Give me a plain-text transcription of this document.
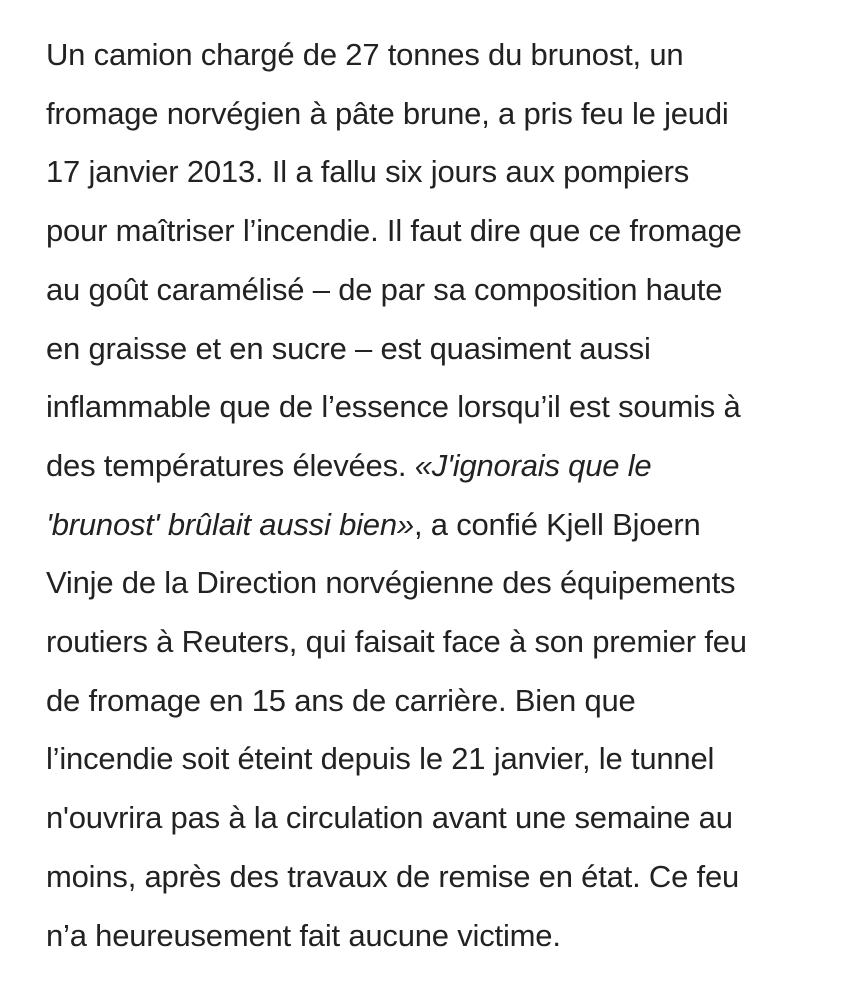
Un camion chargé de 27 tonnes du brunost, un
fromage norvégien à pâte brune, a pris feu le jeudi
17 janvier 2013. Il a fallu six jours aux pompiers
pour maîtriser l’incendie. Il faut dire que ce fromage
au goût caramélisé – de par sa composition haute
en graisse et en sucre – est quasiment aussi
inflammable que de l’essence lorsqu’il est soumis à
des températures élevées. «J'ignorais que le
'brunost' brûlait aussi bien», a confié Kjell Bjoern
Vinje de la Direction norvégienne des équipements
routiers à Reuters, qui faisait face à son premier feu
de fromage en 15 ans de carrière. Bien que
l’incendie soit éteint depuis le 21 janvier, le tunnel
n'ouvrira pas à la circulation avant une semaine au
moins, après des travaux de remise en état. Ce feu
n’a heureusement fait aucune victime.
